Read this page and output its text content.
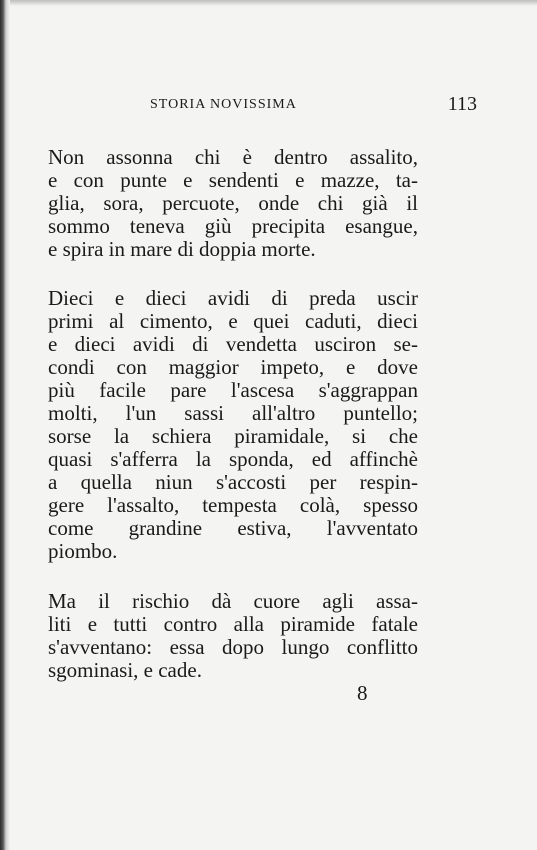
STORIA NOVISSIMA	113
Non assonna chi è dentro assalito,
e con punte e sendenti e mazze, ta-
glia, sora, percuote, onde chi già il
sommo teneva giù precipita esangue,
e spira in mare di doppia morte.
Dieci e dieci avidi di preda uscir
primi al cimento, e quei caduti, dieci
e dieci avidi di vendetta usciron se-
condi con maggior impeto, e dove
più facile pare l'ascesa s'aggrappan
molti, l'un sassi all'altro puntello;
sorse la schiera piramidale, si che
quasi s'afferra la sponda, ed affinchè
a quella niun s'accosti per respin-
gere l'assalto, tempesta colà, spesso
come grandine estiva, l'avventato
piombo.
Ma il rischio dà cuore agli assa-
liti e tutti contro alla piramide fatale
s'avventano: essa dopo lungo conflitto
sgominasi, e cade.
8
